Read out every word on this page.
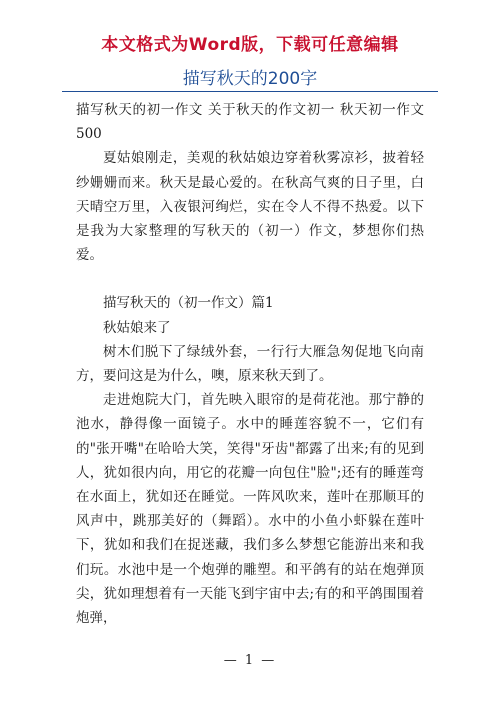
本文格式为Word版，下载可任意编辑
描写秋天的200字

描写秋天的初一作文 关于秋天的作文初一 秋天初一作文500

夏姑娘刚走，美观的秋姑娘边穿着秋雾凉衫，披着轻纱姗姗而来。秋天是最心爱的。在秋高气爽的日子里，白天晴空万里，入夜银河绚烂，实在令人不得不热爱。以下是我为大家整理的写秋天的（初一）作文，梦想你们热爱。

描写秋天的（初一作文）篇1

秋姑娘来了

树木们脱下了绿绒外套，一行行大雁急匆促地飞向南方，要问这是为什么，噢，原来秋天到了。

走进炮院大门，首先映入眼帘的是荷花池。那宁静的池水，静得像一面镜子。水中的睡莲容貌不一，它们有的"张开嘴"在哈哈大笑，笑得"牙齿"都露了出来;有的见到人，犹如很内向，用它的花瓣一向包住"脸";还有的睡莲弯在水面上，犹如还在睡觉。一阵风吹来，莲叶在那顺耳的风声中，跳那美好的（舞蹈）。水中的小鱼小虾躲在莲叶下，犹如和我们在捉迷藏，我们多么梦想它能游出来和我们玩。水池中是一个炮弹的雕塑。和平鸽有的站在炮弹顶尖，犹如理想着有一天能飞到宇宙中去;有的和平鸽围围着炮弹，

— 1 —
